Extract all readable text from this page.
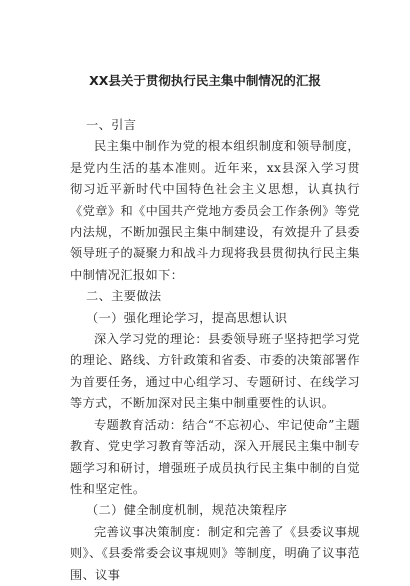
XX县关于贯彻执行民主集中制情况的汇报

一、引言

民主集中制作为党的根本组织制度和领导制度，是党内生活的基本准则。近年来，xx县深入学习贯彻习近平新时代中国特色社会主义思想，认真执行《党章》和《中国共产党地方委员会工作条例》等党内法规，不断加强民主集中制建设，有效提升了县委领导班子的凝聚力和战斗力现将我县贯彻执行民主集中制情况汇报如下：

二、主要做法

（一）强化理论学习，提高思想认识

深入学习党的理论：县委领导班子坚持把学习党的理论、路线、方针政策和省委、市委的决策部署作为首要任务，通过中心组学习、专题研讨、在线学习等方式，不断加深对民主集中制重要性的认识。

专题教育活动：结合“不忘初心、牢记使命”主题教育、党史学习教育等活动，深入开展民主集中制专题学习和研讨，增强班子成员执行民主集中制的自觉性和坚定性。

（二）健全制度机制，规范决策程序

完善议事决策制度：制定和完善了《县委议事规则》、《县委常委会议事规则》等制度，明确了议事范围、议事
